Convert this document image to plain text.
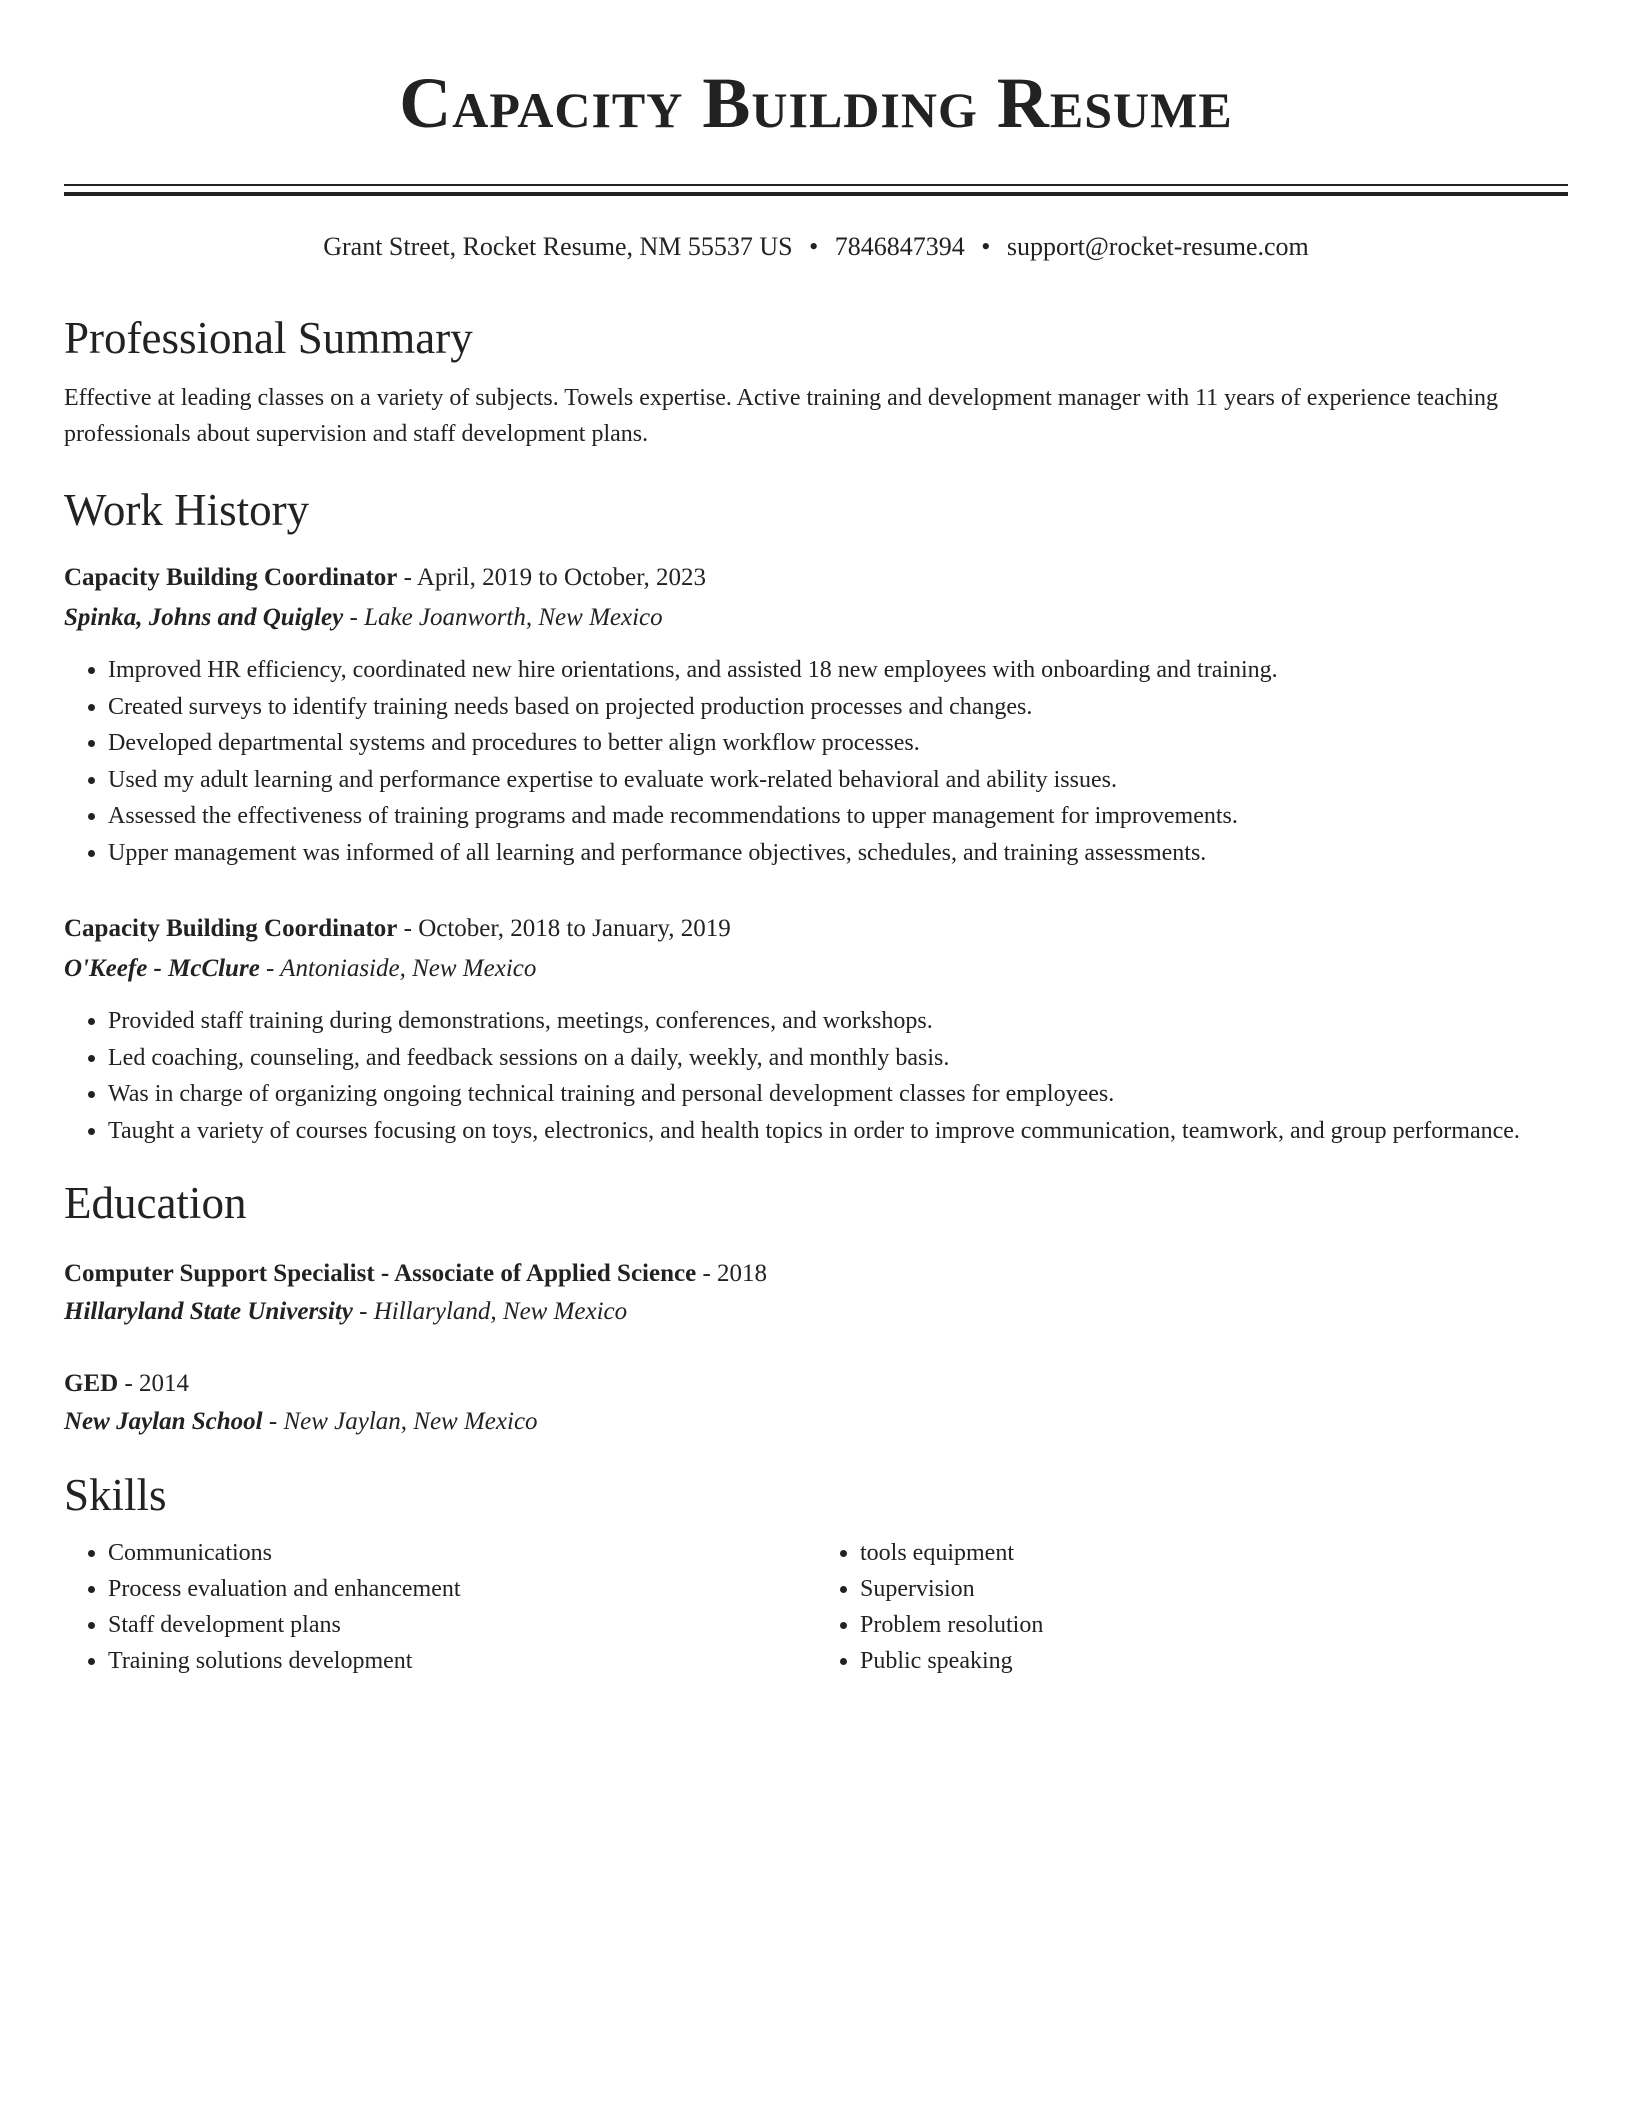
Capacity Building Resume
Grant Street, Rocket Resume, NM 55537 US • 7846847394 • support@rocket-resume.com
Professional Summary

Effective at leading classes on a variety of subjects. Towels expertise. Active training and development manager with 11 years of experience teaching professionals about supervision and staff development plans.

Work History
Capacity Building Coordinator - April, 2019 to October, 2023
Spinka, Johns and Quigley - Lake Joanworth, New Mexico
• Improved HR efficiency, coordinated new hire orientations, and assisted 18 new employees with onboarding and training.
• Created surveys to identify training needs based on projected production processes and changes.
• Developed departmental systems and procedures to better align workflow processes.
• Used my adult learning and performance expertise to evaluate work-related behavioral and ability issues.
• Assessed the effectiveness of training programs and made recommendations to upper management for improvements.
• Upper management was informed of all learning and performance objectives, schedules, and training assessments.
Capacity Building Coordinator - October, 2018 to January, 2019
O'Keefe - McClure - Antoniaside, New Mexico
• Provided staff training during demonstrations, meetings, conferences, and workshops.
• Led coaching, counseling, and feedback sessions on a daily, weekly, and monthly basis.
• Was in charge of organizing ongoing technical training and personal development classes for employees.
• Taught a variety of courses focusing on toys, electronics, and health topics in order to improve communication, teamwork, and group performance.
Education
Computer Support Specialist - Associate of Applied Science - 2018
Hillaryland State University - Hillaryland, New Mexico
GED - 2014
New Jaylan School - New Jaylan, New Mexico
Skills
• Communications
• Process evaluation and enhancement
• Staff development plans
• Training solutions development
• tools equipment
• Supervision
• Problem resolution
• Public speaking
